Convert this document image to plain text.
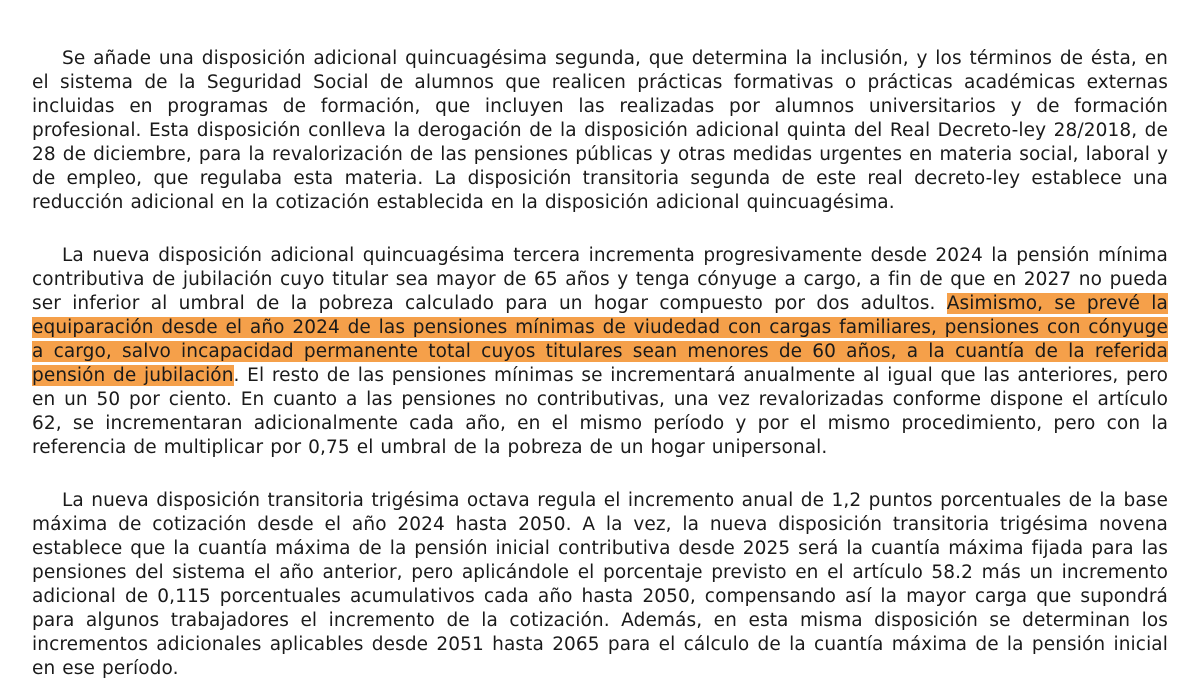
Se añade una disposición adicional quincuagésima segunda, que determina la inclusión, y los términos de ésta, en el sistema de la Seguridad Social de alumnos que realicen prácticas formativas o prácticas académicas externas incluidas en programas de formación, que incluyen las realizadas por alumnos universitarios y de formación profesional. Esta disposición conlleva la derogación de la disposición adicional quinta del Real Decreto-ley 28/2018, de 28 de diciembre, para la revalorización de las pensiones públicas y otras medidas urgentes en materia social, laboral y de empleo, que regulaba esta materia. La disposición transitoria segunda de este real decreto-ley establece una reducción adicional en la cotización establecida en la disposición adicional quincuagésima.

La nueva disposición adicional quincuagésima tercera incrementa progresivamente desde 2024 la pensión mínima contributiva de jubilación cuyo titular sea mayor de 65 años y tenga cónyuge a cargo, a fin de que en 2027 no pueda ser inferior al umbral de la pobreza calculado para un hogar compuesto por dos adultos. Asimismo, se prevé la equiparación desde el año 2024 de las pensiones mínimas de viudedad con cargas familiares, pensiones con cónyuge a cargo, salvo incapacidad permanente total cuyos titulares sean menores de 60 años, a la cuantía de la referida pensión de jubilación. El resto de las pensiones mínimas se incrementará anualmente al igual que las anteriores, pero en un 50 por ciento. En cuanto a las pensiones no contributivas, una vez revalorizadas conforme dispone el artículo 62, se incrementaran adicionalmente cada año, en el mismo período y por el mismo procedimiento, pero con la referencia de multiplicar por 0,75 el umbral de la pobreza de un hogar unipersonal.

La nueva disposición transitoria trigésima octava regula el incremento anual de 1,2 puntos porcentuales de la base máxima de cotización desde el año 2024 hasta 2050. A la vez, la nueva disposición transitoria trigésima novena establece que la cuantía máxima de la pensión inicial contributiva desde 2025 será la cuantía máxima fijada para las pensiones del sistema el año anterior, pero aplicándole el porcentaje previsto en el artículo 58.2 más un incremento adicional de 0,115 porcentuales acumulativos cada año hasta 2050, compensando así la mayor carga que supondrá para algunos trabajadores el incremento de la cotización. Además, en esta misma disposición se determinan los incrementos adicionales aplicables desde 2051 hasta 2065 para el cálculo de la cuantía máxima de la pensión inicial en ese período.
